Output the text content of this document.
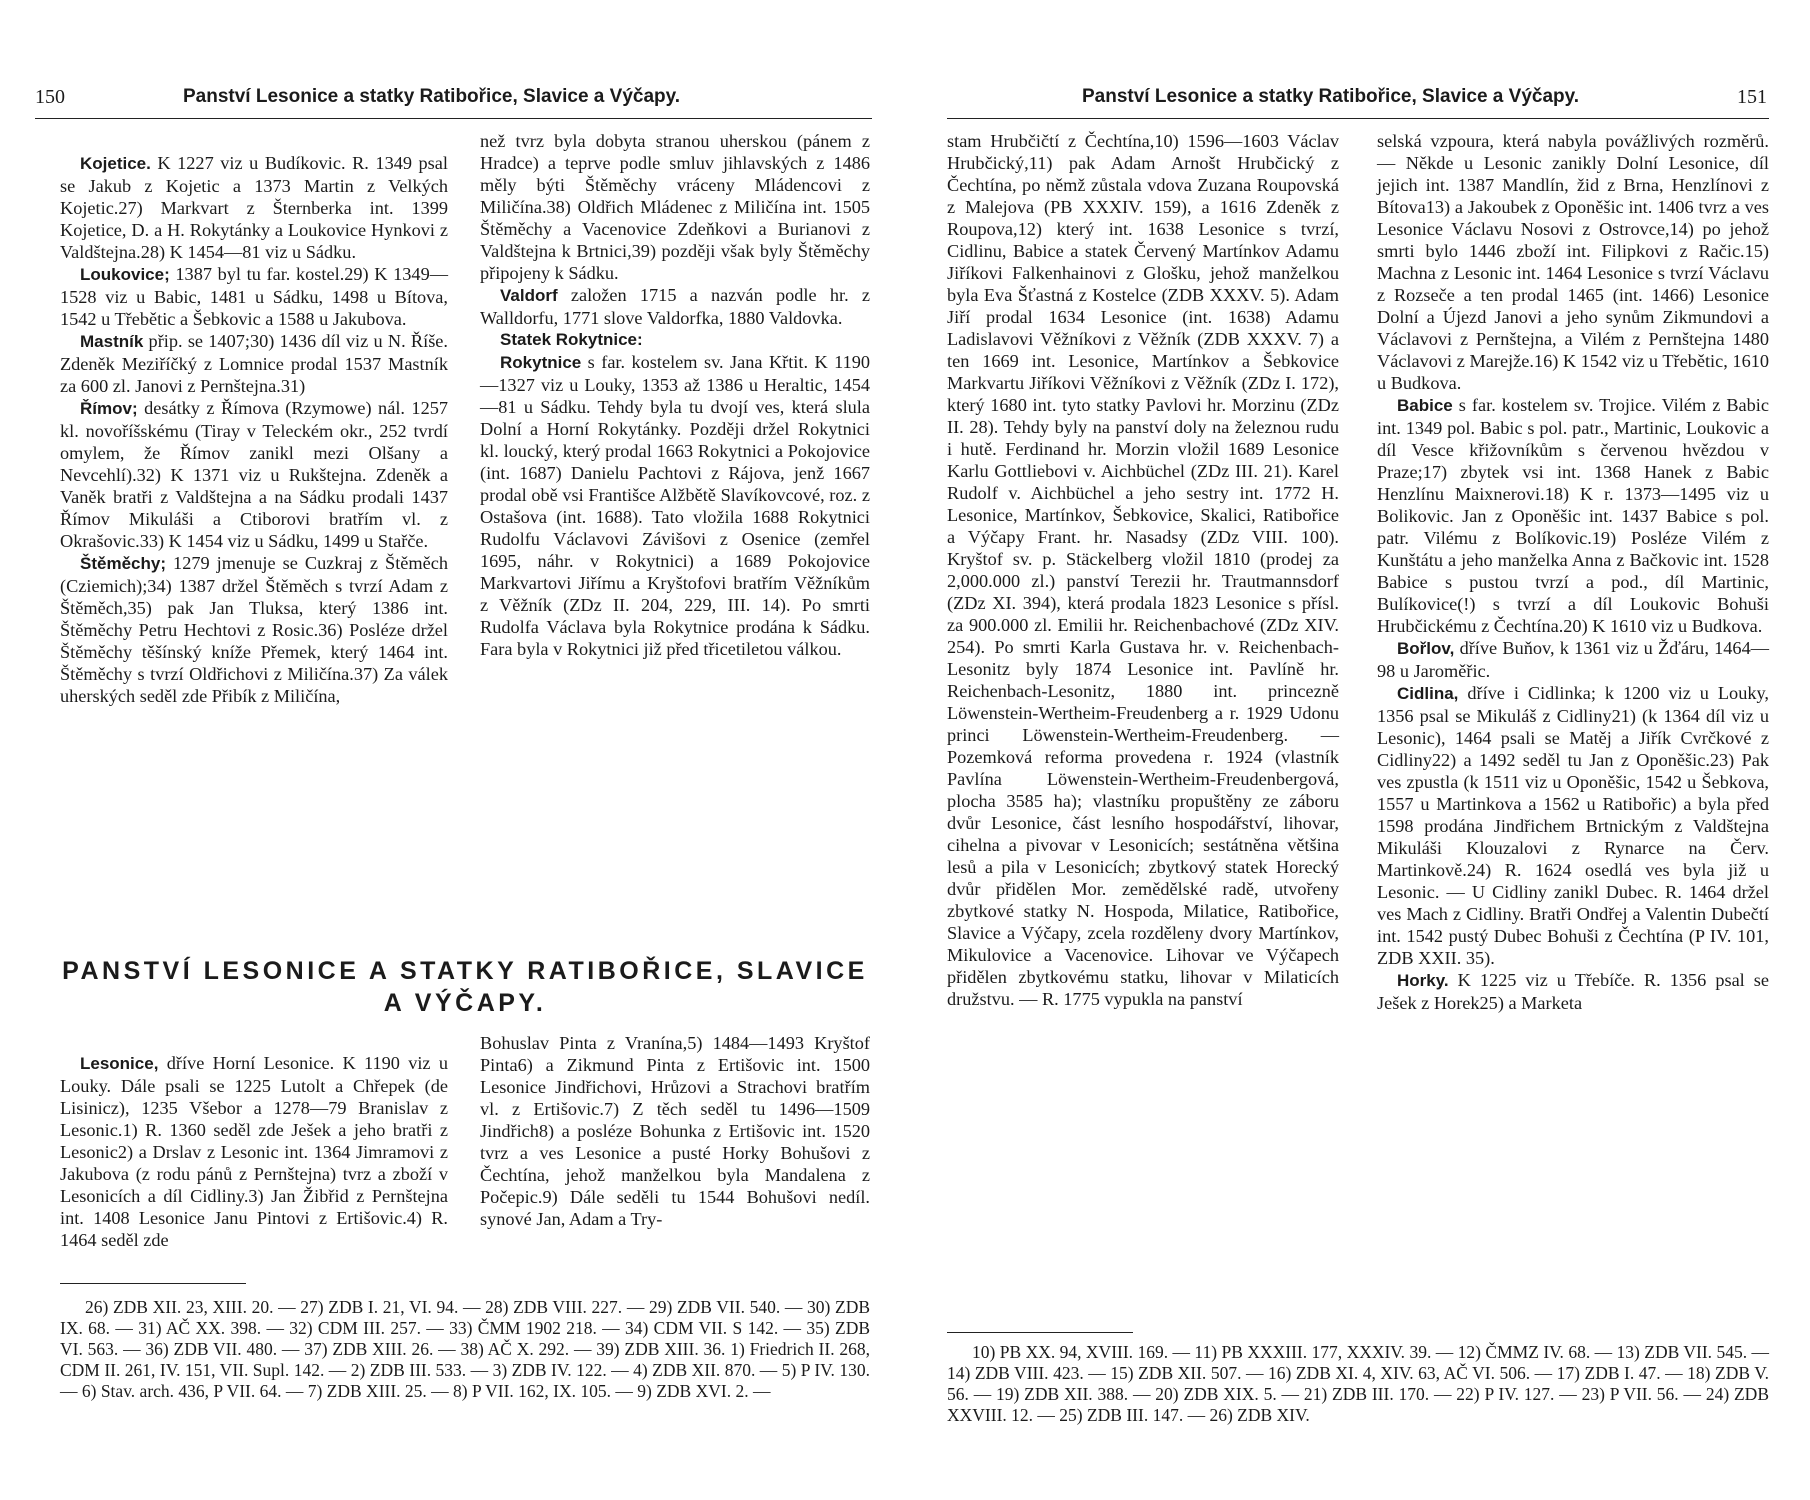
150	Panství Lesonice a statky Ratibořice, Slavice a Výčapy.

Kojetice. K 1227 viz u Budíkovic. R. 1349 psal se Jakub z Kojetic a 1373 Martin z Velkých Kojetic.27) Markvart z Šternberka int. 1399 Kojetice, D. a H. Rokytánky a Loukovice Hynkovi z Valdštejna.28) K 1454—81 viz u Sádku.

Loukovice; 1387 byl tu far. kostel.29) K 1349—1528 viz u Babic, 1481 u Sádku, 1498 u Bítova, 1542 u Třebětic a Šebkovic a 1588 u Jakubova.

Mastník přip. se 1407;30) 1436 díl viz u N. Říše. Zdeněk Meziříčký z Lomnice prodal 1537 Mastník za 600 zl. Janovi z Pernštejna.31)

Římov; desátky z Římova (Rzymowe) nál. 1257 kl. novoříšskému (Tiray v Teleckém okr., 252 tvrdí omylem, že Římov zanikl mezi Olšany a Nevcehlí).32) K 1371 viz u Rukštejna. Zdeněk a Vaněk bratři z Valdštejna a na Sádku prodali 1437 Římov Mikuláši a Ctiborovi bratřím vl. z Okrašovic.33) K 1454 viz u Sádku, 1499 u Stařče.

Štěměchy; 1279 jmenuje se Cuzkraj z Štěměch (Cziemich);34) 1387 držel Štěměch s tvrzí Adam z Štěměch,35) pak Jan Tluksa, který 1386 int. Štěměchy Petru Hechtovi z Rosic.36) Posléze držel Štěměchy těšínský kníže Přemek, který 1464 int. Štěměchy s tvrzí Oldřichovi z Miličína.37) Za válek uherských seděl zde Přibík z Miličína,

než tvrz byla dobyta stranou uherskou (pánem z Hradce) a teprve podle smluv jihlavských z 1486 měly býti Štěměchy vráceny Mládencovi z Miličína.38) Oldřich Mládenec z Miličína int. 1505 Štěměchy a Vacenovice Zdeňkovi a Burianovi z Valdštejna k Brtnici,39) později však byly Štěměchy připojeny k Sádku.

Valdorf založen 1715 a nazván podle hr. z Walldorfu, 1771 slove Valdorfka, 1880 Valdovka.

Statek Rokytnice:

Rokytnice s far. kostelem sv. Jana Křtit. K 1190—1327 viz u Louky, 1353 až 1386 u Heraltic, 1454—81 u Sádku. Tehdy byla tu dvojí ves, která slula Dolní a Horní Rokytánky. Později držel Rokytnici kl. loucký, který prodal 1663 Rokytnici a Pokojovice (int. 1687) Danielu Pachtovi z Rájova, jenž 1667 prodal obě vsi Františce Alžbětě Slavíkovcové, roz. z Ostašova (int. 1688). Tato vložila 1688 Rokytnici Rudolfu Václavovi Závišovi z Osenice (zemřel 1695, náhr. v Rokytnici) a 1689 Pokojovice Markvartovi Jiřímu a Kryštofovi bratřím Věžníkům z Věžník (ZDz II. 204, 229, III. 14). Po smrti Rudolfa Václava byla Rokytnice prodána k Sádku. Fara byla v Rokytnici již před třicetiletou válkou.

PANSTVÍ LESONICE A STATKY RATIBOŘICE, SLAVICE A VÝČAPY.

Lesonice, dříve Horní Lesonice. K 1190 viz u Louky. Dále psali se 1225 Lutolt a Chřepek (de Lisinicz), 1235 Všebor a 1278—79 Branislav z Lesonic.1) R. 1360 seděl zde Ješek a jeho bratři z Lesonic2) a Drslav z Lesonic int. 1364 Jimramovi z Jakubova (z rodu pánů z Pernštejna) tvrz a zboží v Lesonicích a díl Cidliny.3) Jan Žibřid z Pernštejna int. 1408 Lesonice Janu Pintovi z Ertišovic.4) R. 1464 seděl zde

Bohuslav Pinta z Vranína,5) 1484—1493 Kryštof Pinta6) a Zikmund Pinta z Ertišovic int. 1500 Lesonice Jindřichovi, Hrůzovi a Strachovi bratřím vl. z Ertišovic.7) Z těch seděl tu 1496—1509 Jindřich8) a posléze Bohunka z Ertišovic int. 1520 tvrz a ves Lesonice a pusté Horky Bohušovi z Čechtína, jehož manželkou byla Mandalena z Počepic.9) Dále seděli tu 1544 Bohušovi nedíl. synové Jan, Adam a Try-

26) ZDB XII. 23, XIII. 20. — 27) ZDB I. 21, VI. 94. — 28) ZDB VIII. 227. — 29) ZDB VII. 540. — 30) ZDB IX. 68. — 31) AČ XX. 398. — 32) CDM III. 257. — 33) ČMM 1902 218. — 34) CDM VII. S 142. — 35) ZDB VI. 563. — 36) ZDB VII. 480. — 37) ZDB XIII. 26. — 38) AČ X. 292. — 39) ZDB XIII. 36. 1) Friedrich II. 268, CDM II. 261, IV. 151, VII. Supl. 142. — 2) ZDB III. 533. — 3) ZDB IV. 122. — 4) ZDB XII. 870. — 5) P IV. 130. — 6) Stav. arch. 436, P VII. 64. — 7) ZDB XIII. 25. — 8) P VII. 162, IX. 105. — 9) ZDB XVI. 2. —

Panství Lesonice a statky Ratibořice, Slavice a Výčapy.	151

stam Hrubčičtí z Čechtína,10) 1596—1603 Václav Hrubčický,11) pak Adam Arnošt Hrubčický z Čechtína, po němž zůstala vdova Zuzana Roupovská z Malejova (PB XXXIV. 159), a 1616 Zdeněk z Roupova,12) který int. 1638 Lesonice s tvrzí, Cidlinu, Babice a statek Červený Martínkov Adamu Jiříkovi Falkenhainovi z Glošku, jehož manželkou byla Eva Šťastná z Kostelce (ZDB XXXV. 5). Adam Jiří prodal 1634 Lesonice (int. 1638) Adamu Ladislavovi Věžníkovi z Věžník (ZDB XXXV. 7) a ten 1669 int. Lesonice, Martínkov a Šebkovice Markvartu Jiříkovi Věžníkovi z Věžník (ZDz I. 172), který 1680 int. tyto statky Pavlovi hr. Morzinu (ZDz II. 28). Tehdy byly na panství doly na železnou rudu i hutě. Ferdinand hr. Morzin vložil 1689 Lesonice Karlu Gottliebovi v. Aichbüchel (ZDz III. 21). Karel Rudolf v. Aichbüchel a jeho sestry int. 1772 H. Lesonice, Martínkov, Šebkovice, Skalici, Ratibořice a Výčapy Frant. hr. Nasadsy (ZDz VIII. 100). Kryštof sv. p. Stäckelberg vložil 1810 (prodej za 2,000.000 zl.) panství Terezii hr. Trautmannsdorf (ZDz XI. 394), která prodala 1823 Lesonice s přísl. za 900.000 zl. Emilii hr. Reichenbachové (ZDz XIV. 254). Po smrti Karla Gustava hr. v. Reichenbach-Lesonitz byly 1874 Lesonice int. Pavlíně hr. Reichenbach-Lesonitz, 1880 int. princezně Löwenstein-Wertheim-Freudenberg a r. 1929 Udonu princi Löwenstein-Wertheim-Freudenberg. — Pozemková reforma provedena r. 1924 (vlastník Pavlína Löwenstein-Wertheim-Freudenbergová, plocha 3585 ha); vlastníku propuštěny ze záboru dvůr Lesonice, část lesního hospodářství, lihovar, cihelna a pivovar v Lesonicích; sestátněna většina lesů a pila v Lesonicích; zbytkový statek Horecký dvůr přidělen Mor. zemědělské radě, utvořeny zbytkové statky N. Hospoda, Milatice, Ratibořice, Slavice a Výčapy, zcela rozděleny dvory Martínkov, Mikulovice a Vacenovice. Lihovar ve Výčapech přidělen zbytkovému statku, lihovar v Milaticích družstvu. — R. 1775 vypukla na panství

selská vzpoura, která nabyla povážlivých rozměrů. — Někde u Lesonic zanikly Dolní Lesonice, díl jejich int. 1387 Mandlín, žid z Brna, Henzlínovi z Bítova13) a Jakoubek z Oponěšic int. 1406 tvrz a ves Lesonice Václavu Nosovi z Ostrovce,14) po jehož smrti bylo 1446 zboží int. Filipkovi z Račic.15) Machna z Lesonic int. 1464 Lesonice s tvrzí Václavu z Rozseče a ten prodal 1465 (int. 1466) Lesonice Dolní a Újezd Janovi a jeho synům Zikmundovi a Václavovi z Pernštejna, a Vilém z Pernštejna 1480 Václavovi z Marejže.16) K 1542 viz u Třebětic, 1610 u Budkova.

Babice s far. kostelem sv. Trojice. Vilém z Babic int. 1349 pol. Babic s pol. patr., Martinic, Loukovic a díl Vesce křižovníkům s červenou hvězdou v Praze;17) zbytek vsi int. 1368 Hanek z Babic Henzlínu Maixnerovi.18) K r. 1373—1495 viz u Bolikovic. Jan z Oponěšic int. 1437 Babice s pol. patr. Vilému z Bolíkovic.19) Posléze Vilém z Kunštátu a jeho manželka Anna z Bačkovic int. 1528 Babice s pustou tvrzí a pod., díl Martinic, Bulíkovice(!) s tvrzí a díl Loukovic Bohuši Hrubčickému z Čechtína.20) K 1610 viz u Budkova.

Bořlov, dříve Buňov, k 1361 viz u Žďáru, 1464—98 u Jaroměřic.

Cidlina, dříve i Cidlinka; k 1200 viz u Louky, 1356 psal se Mikuláš z Cidliny21) (k 1364 díl viz u Lesonic), 1464 psali se Matěj a Jiřík Cvrčkové z Cidliny22) a 1492 seděl tu Jan z Oponěšic.23) Pak ves zpustla (k 1511 viz u Oponěšic, 1542 u Šebkova, 1557 u Martinkova a 1562 u Ratibořic) a byla před 1598 prodána Jindřichem Brtnickým z Valdštejna Mikuláši Klouzalovi z Rynarce na Červ. Martinkově.24) R. 1624 osedlá ves byla již u Lesonic. — U Cidliny zanikl Dubec. R. 1464 držel ves Mach z Cidliny. Bratři Ondřej a Valentin Dubečtí int. 1542 pustý Dubec Bohuši z Čechtína (P IV. 101, ZDB XXII. 35).

Horky. K 1225 viz u Třebíče. R. 1356 psal se Ješek z Horek25) a Marketa

10) PB XX. 94, XVIII. 169. — 11) PB XXXIII. 177, XXXIV. 39. — 12) ČMMZ IV. 68. — 13) ZDB VII. 545. — 14) ZDB VIII. 423. — 15) ZDB XII. 507. — 16) ZDB XI. 4, XIV. 63, AČ VI. 506. — 17) ZDB I. 47. — 18) ZDB V. 56. — 19) ZDB XII. 388. — 20) ZDB XIX. 5. — 21) ZDB III. 170. — 22) P IV. 127. — 23) P VII. 56. — 24) ZDB XXVIII. 12. — 25) ZDB III. 147. — 26) ZDB XIV.
